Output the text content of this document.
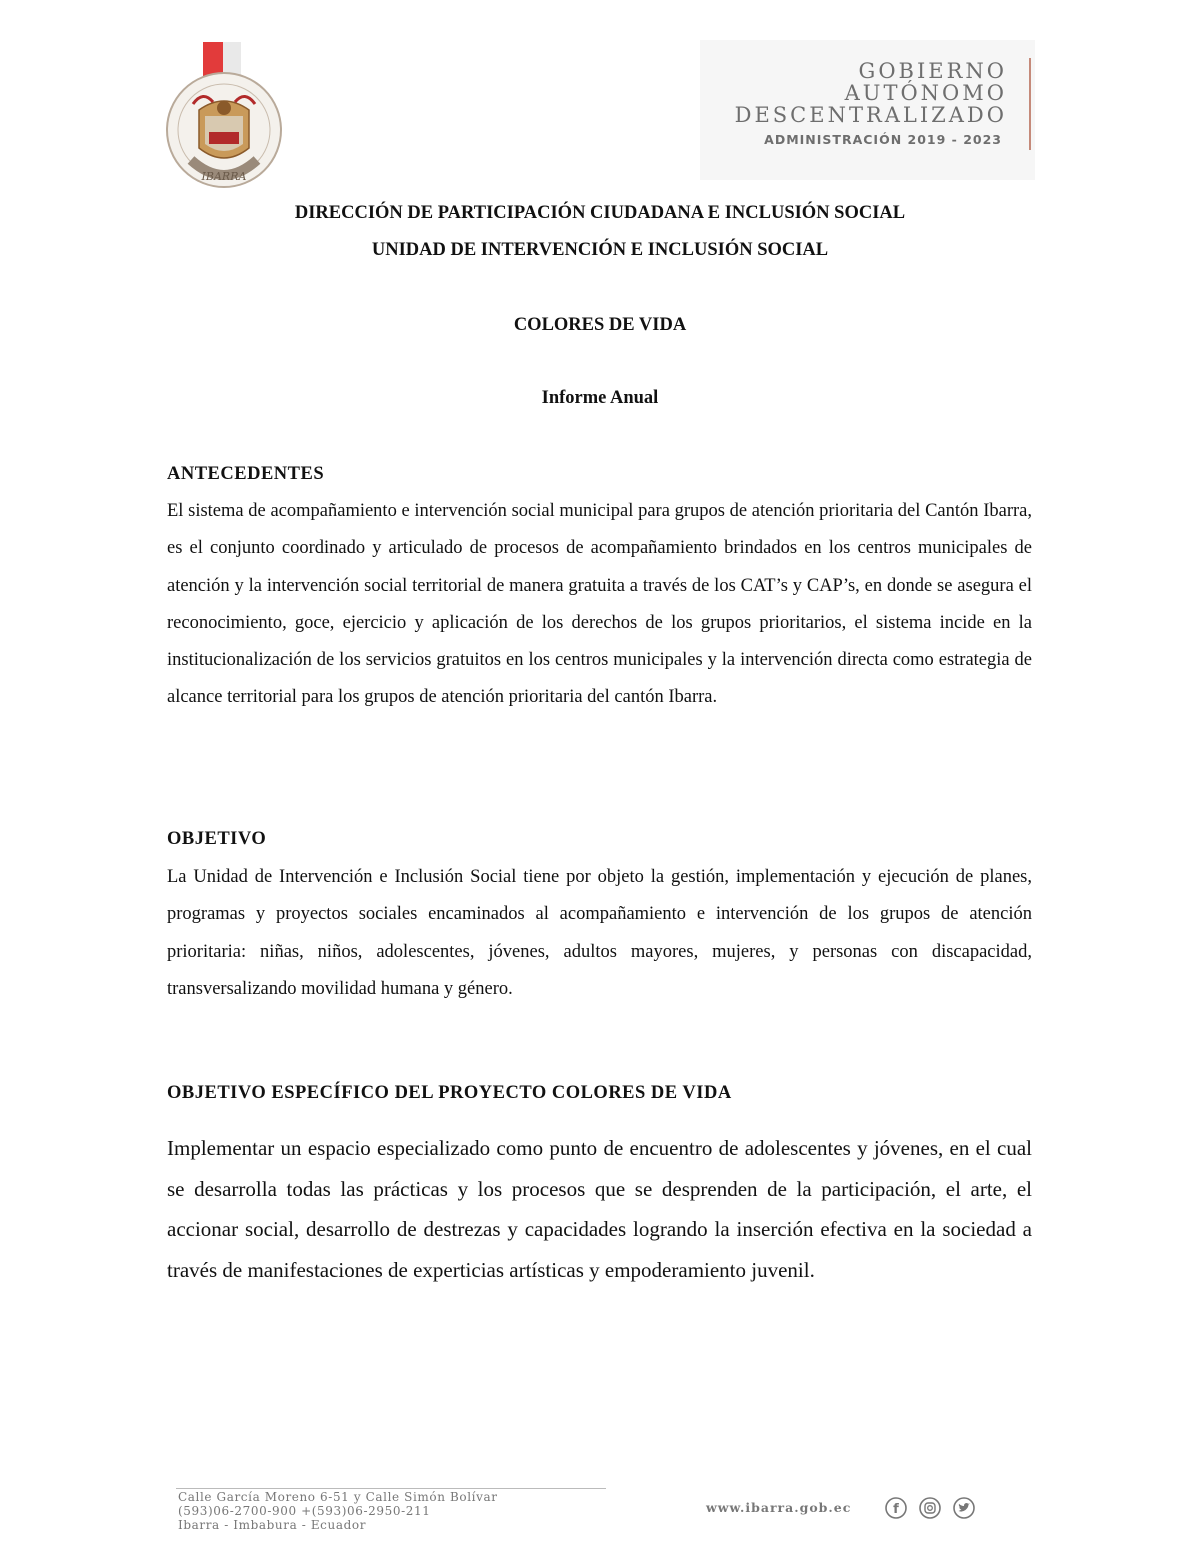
IBARRA
GOBIERNO
AUTÓNOMO
DESCENTRALIZADO
ADMINISTRACIÓN 2019 - 2023
DIRECCIÓN DE PARTICIPACIÓN CIUDADANA E INCLUSIÓN SOCIAL
UNIDAD DE INTERVENCIÓN E INCLUSIÓN SOCIAL
COLORES DE VIDA
Informe Anual
ANTECEDENTES

El sistema de acompañamiento e intervención social municipal para grupos de atención prioritaria del Cantón Ibarra, es el conjunto coordinado y articulado de procesos de acompañamiento brindados en los centros municipales de atención y la intervención social territorial de manera gratuita a través de los CAT’s y CAP’s, en donde se asegura el reconocimiento, goce, ejercicio y aplicación de los derechos de los grupos prioritarios, el sistema incide en la institucionalización de los servicios gratuitos en los centros municipales y la intervención directa como estrategia de alcance territorial para los grupos de atención prioritaria del cantón Ibarra.

OBJETIVO

La Unidad de Intervención e Inclusión Social tiene por objeto la gestión, implementación y ejecución de planes, programas y proyectos sociales encaminados al acompañamiento e intervención de los grupos de atención prioritaria: niñas, niños, adolescentes, jóvenes, adultos mayores, mujeres, y personas con discapacidad, transversalizando movilidad humana y género.

OBJETIVO ESPECÍFICO DEL PROYECTO COLORES DE VIDA

Implementar un espacio especializado como punto de encuentro de adolescentes y jóvenes, en el cual se desarrolla todas las prácticas y los procesos que se desprenden de la participación, el arte, el accionar social, desarrollo de destrezas y capacidades logrando la inserción efectiva en la sociedad a través de manifestaciones de experticias artísticas y empoderamiento juvenil.

Calle García Moreno 6-51 y Calle Simón Bolívar
(593)06-2700-900 +(593)06-2950-211
Ibarra - Imbabura - Ecuador
www.ibarra.gob.ec	f
